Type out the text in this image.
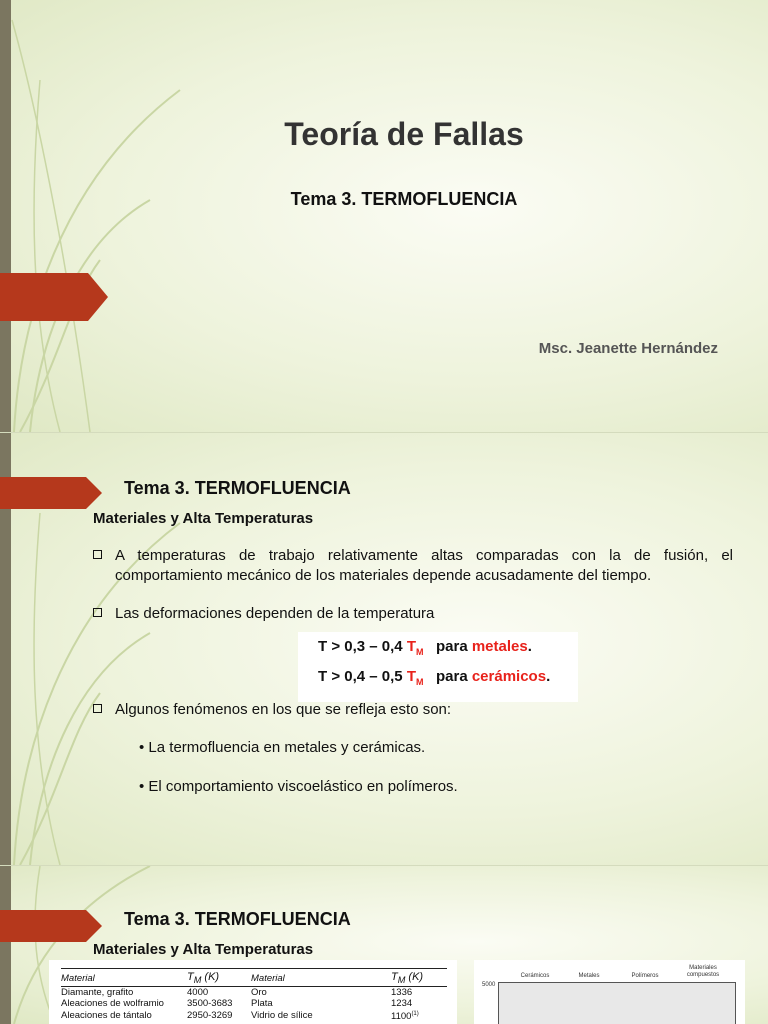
Teoría de Fallas
Tema 3. TERMOFLUENCIA
Msc. Jeanette Hernández
Tema 3. TERMOFLUENCIA
Materiales y Alta Temperaturas
A temperaturas de trabajo relativamente altas comparadas con la de fusión, el comportamiento mecánico de los materiales depende acusadamente del tiempo.
Las deformaciones dependen de la temperatura
T > 0,3 – 0,4 $T_M$   para metales.
T > 0,4 – 0,5 $T_M$   para cerámicos.
Algunos fenómenos en los que se refleja esto son:
• La termofluencia en metales y cerámicas.
• El comportamiento viscoelástico en polímeros.
Tema 3. TERMOFLUENCIA
Materiales y Alta Temperaturas
Material	$T_M$ (K)	Material	$T_M$ (K)
Diamante, grafito	4000	Oro	1336
Aleaciones de wolframio	3500-3683	Plata	1234
Aleaciones de tántalo	2950-3269	Vidrio de sílice	1100$^{(1)}$
Cerámicos	Metales	Polímeros
Materiales compuestos
5000
